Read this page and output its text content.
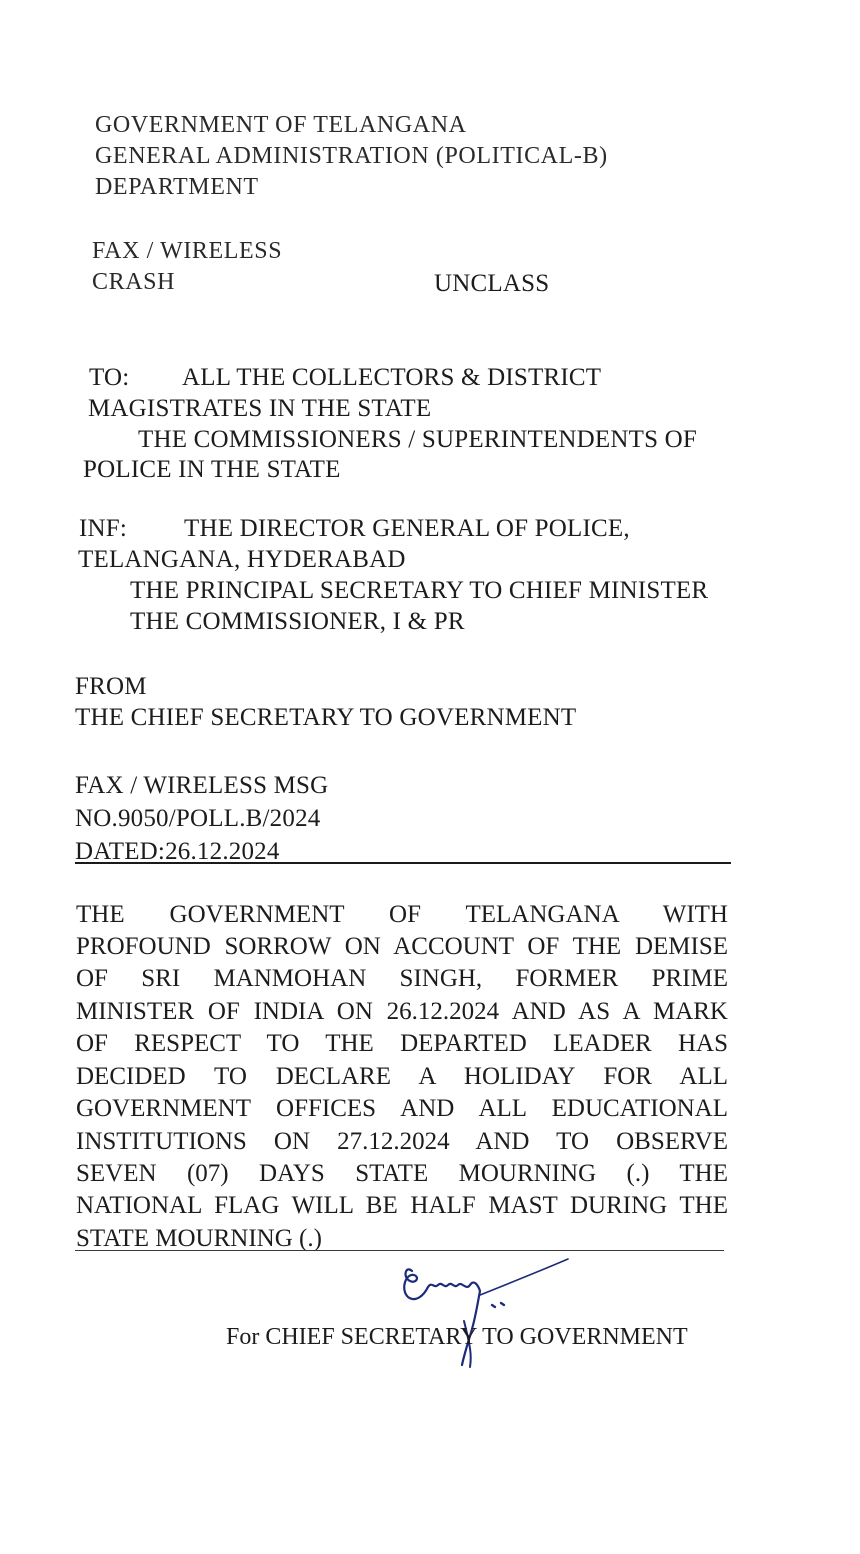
GOVERNMENT OF TELANGANA
GENERAL ADMINISTRATION (POLITICAL-B)
DEPARTMENT
FAX / WIRELESS
CRASH	UNCLASS
TO: ALL THE COLLECTORS & DISTRICT
MAGISTRATES IN THE STATE
THE COMMISSIONERS / SUPERINTENDENTS OF
POLICE IN THE STATE
INF: THE DIRECTOR GENERAL OF POLICE,
TELANGANA, HYDERABAD
THE PRINCIPAL SECRETARY TO CHIEF MINISTER
THE COMMISSIONER, I & PR
FROM
THE CHIEF SECRETARY TO GOVERNMENT
FAX / WIRELESS MSG
NO.9050/POLL.B/2024
DATED:26.12.2024
THE GOVERNMENT OF TELANGANA WITH
PROFOUND SORROW ON ACCOUNT OF THE DEMISE
OF SRI MANMOHAN SINGH, FORMER PRIME
MINISTER OF INDIA ON 26.12.2024 AND AS A MARK
OF RESPECT TO THE DEPARTED LEADER HAS
DECIDED TO DECLARE A HOLIDAY FOR ALL
GOVERNMENT OFFICES AND ALL EDUCATIONAL
INSTITUTIONS ON 27.12.2024 AND TO OBSERVE
SEVEN (07) DAYS STATE MOURNING (.) THE
NATIONAL FLAG WILL BE HALF MAST DURING THE
STATE MOURNING (.)
For CHIEF SECRETARY TO GOVERNMENT
